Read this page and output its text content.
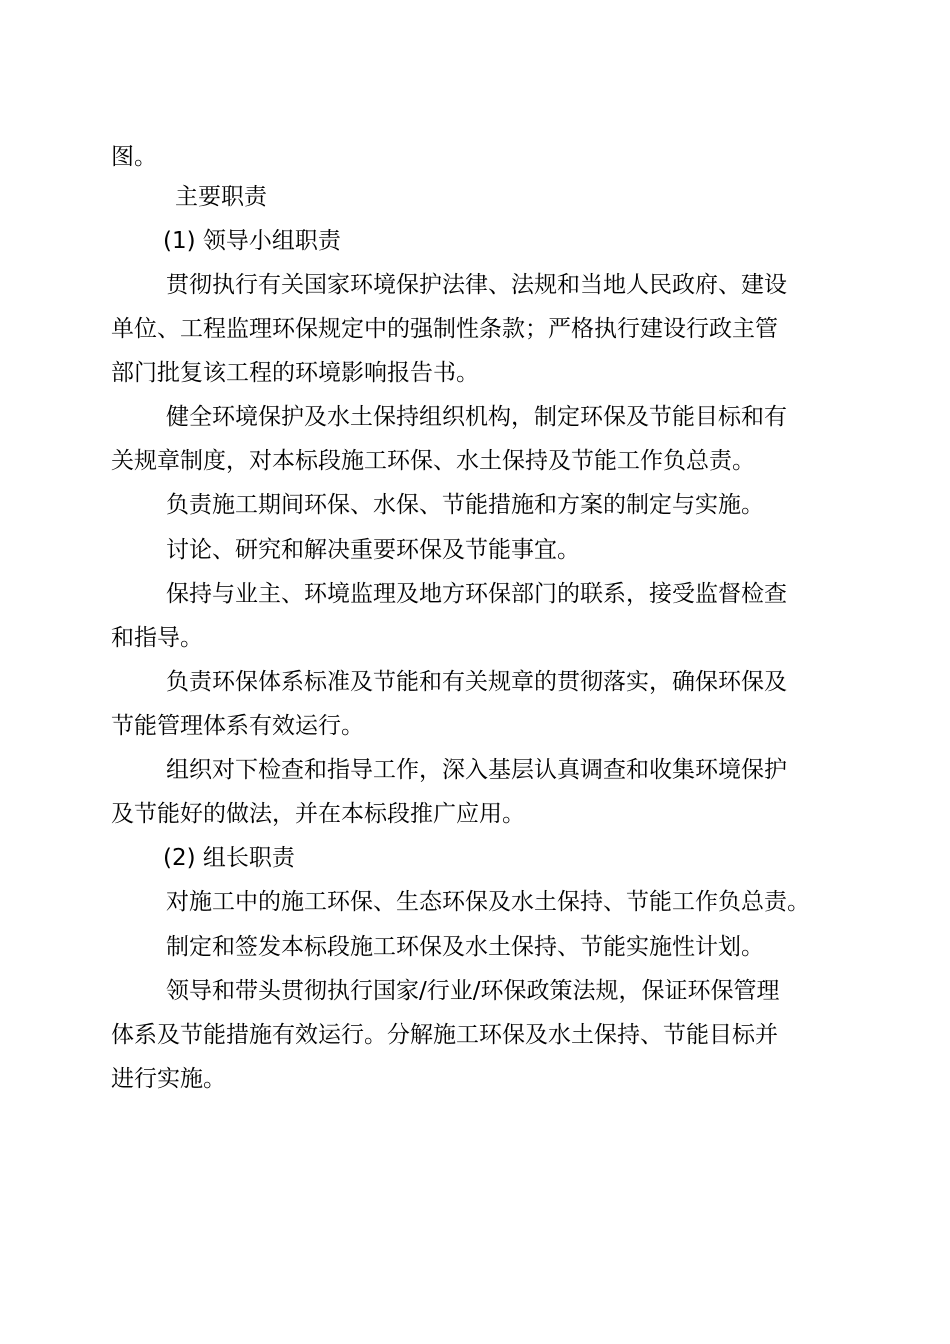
图。
主要职责
(1) 领导小组职责
贯彻执行有关国家环境保护法律、法规和当地人民政府、建设
单位、工程监理环保规定中的强制性条款；严格执行建设行政主管
部门批复该工程的环境影响报告书。
健全环境保护及水土保持组织机构，制定环保及节能目标和有
关规章制度，对本标段施工环保、水土保持及节能工作负总责。
负责施工期间环保、水保、节能措施和方案的制定与实施。
讨论、研究和解决重要环保及节能事宜。
保持与业主、环境监理及地方环保部门的联系，接受监督检查
和指导。
负责环保体系标准及节能和有关规章的贯彻落实，确保环保及
节能管理体系有效运行。
组织对下检查和指导工作，深入基层认真调查和收集环境保护
及节能好的做法，并在本标段推广应用。
(2) 组长职责
对施工中的施工环保、生态环保及水土保持、节能工作负总责。
制定和签发本标段施工环保及水土保持、节能实施性计划。
领导和带头贯彻执行国家/行业/环保政策法规，保证环保管理
体系及节能措施有效运行。分解施工环保及水土保持、节能目标并
进行实施。
